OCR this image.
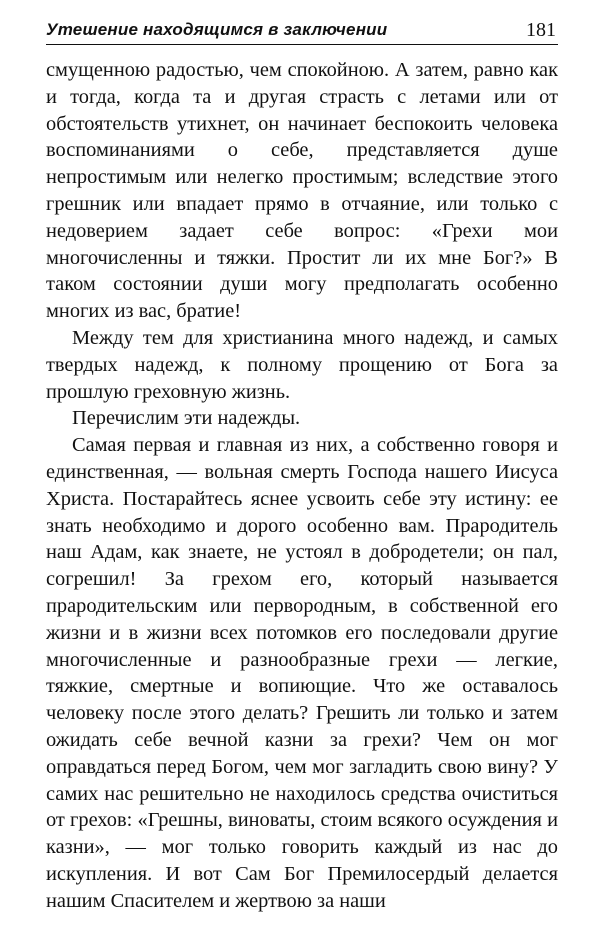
Утешение находящимся в заключении	181

смущенною радостью, чем спокойною. А затем, равно как и тогда, когда та и другая страсть с летами или от обстоятельств утихнет, он начинает беспокоить человека воспоминаниями о себе, представляется душе непростимым или нелегко простимым; вследствие этого грешник или впадает прямо в отчаяние, или только с недоверием задает себе вопрос: «Грехи мои многочисленны и тяжки. Простит ли их мне Бог?» В таком состоянии души могу предполагать особенно многих из вас, братие!

Между тем для христианина много надежд, и самых твердых надежд, к полному прощению от Бога за прошлую греховную жизнь.

Перечислим эти надежды.

Самая первая и главная из них, а собственно говоря и единственная, — вольная смерть Господа нашего Иисуса Христа. Постарайтесь яснее усвоить себе эту истину: ее знать необходимо и дорого особенно вам. Прародитель наш Адам, как знаете, не устоял в добродетели; он пал, согрешил! За грехом его, который называется прародительским или первородным, в собственной его жизни и в жизни всех потомков его последовали другие многочисленные и разнообразные грехи — легкие, тяжкие, смертные и вопиющие. Что же оставалось человеку после этого делать? Грешить ли только и затем ожидать себе вечной казни за грехи? Чем он мог оправдаться перед Богом, чем мог загладить свою вину? У самих нас решительно не находилось средства очиститься от грехов: «Грешны, виноваты, стоим всякого осуждения и казни», — мог только говорить каждый из нас до искупления. И вот Сам Бог Премилосердый делается нашим Спасителем и жертвою за наши
